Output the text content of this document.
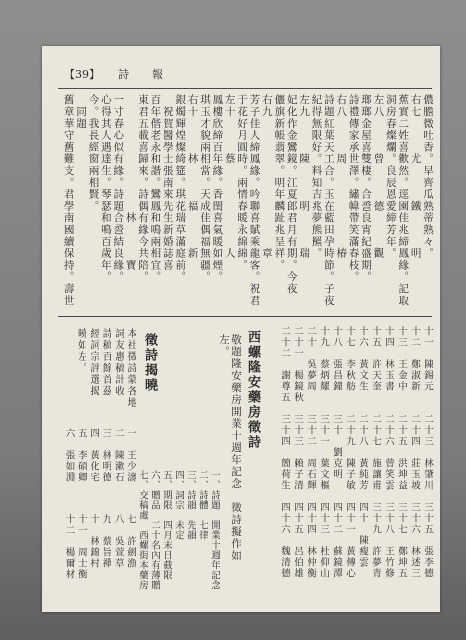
【39】 詩 報
儂膽微吐香。早齊瓜熟蒂熟々。
右七　　　尤　　　鐵　　　明
蕉實二姓喜歡然。逕園佳兆締鳳緣。記取
洞房春燦爛。良辰恩愛締芳年。
左八　　　曾　　　德　　　觀
瑯瑯金屋喜雙棲。合巹良宵紀盛期。
詩禮傳家承世澤。繡幃帶笑滿春枝。
右八　　　周　　　　　　　椿
詩題紅葉天工合。玉在藍田孕時節。子夜
紀得無限好。料知吉兆夢熊羆。
左九　　　陳　　　明　　　瑞
妃化作金鸞鏡。江夏郎君月有期。今夜
儷旗新帳翡翠。明年麟趾兆呈祥。
右九　　　　　　　　　　　章
芳子佳人締鳳緣。吟聯喜賦乘龍客。祝君
于花好月圓時。兩情春暖永綿綿。
左十　　　蔡　　　　　　　人
鳳樓欣締百年緣。香閨喜氣暖如煙。
琪玉才貌兩相當。天成佳偶福無疆。
右十　　　林　　　福　　　新
銀燭輝煌燦綺筵。琪花瑞草滿庭前。
　祝賀醫學士張南來先生新婚誌喜
百年偕老永和諧。鸞鳳和鳴兩相宜。
東君五載喜歸來。詩偶有緣今共陪。
　　　　　　　　　　林　　　寶
一寸春心似有緣。詩題合巹結良緣。
心得其人遇達生。琴瑟和鳴百歲年。
今。我長經窗兩相賢。
　同題
舊章華守舊難支。君學南國續保持。壽世
十一　陳錫元二十三　林肇川三十五　張李德
十二　鄭淑新二十四　莊玉坡三十六　林述三
十三　王金中二十五　洪坤益三十七　鄭坤五
十四　林玉書二十六　曾笑雲三十八　王竹修
十五　許天奎二十七　施讓甫三十九　許夢青
十六　黃文生二十八　黃純芳四十　陳瘦雲
十七　李秋舫二十九　陳子敏四十一　黃傳心
十八　張昌鐘三十　劉克明四十二　蘇鏡潭
十九　蔡炳耀三十一　葉文樞四十三　杜仰山
二十　吳夢周三十二　周石輝四十四　林仲衡
二十一　楊鏡秋三十三　賴子清四十五　呂伯雄
二十二　謝尊五三十四　簡荷生四十六　魏清德
西螺隆安藥房徵詩
敬題隆安藥房開業十週年記念　徵詩擬作如
左。
一、詩題　開業十週年記念
二、詩體　七律
三、詩韻　先韻
四、詞宗　未定
五、期限　四月末日截限
六、贈品　二十名內有薄贈
七、交稿處　西螺街本藥房
徵詩揭曉
本社徵詩蒙各地
詞友惠稿計收
詩稿百餘首茲
經詞宗評選揭
曉如左。
一　王少濤七　許劍漁
二　陳漱石八　吳萱草
三　林明德九　蔡旨禪
四　黃化宅十　林錦村
五　李碩卿十一　周士衡
六　張如淵十二　楊爾材
